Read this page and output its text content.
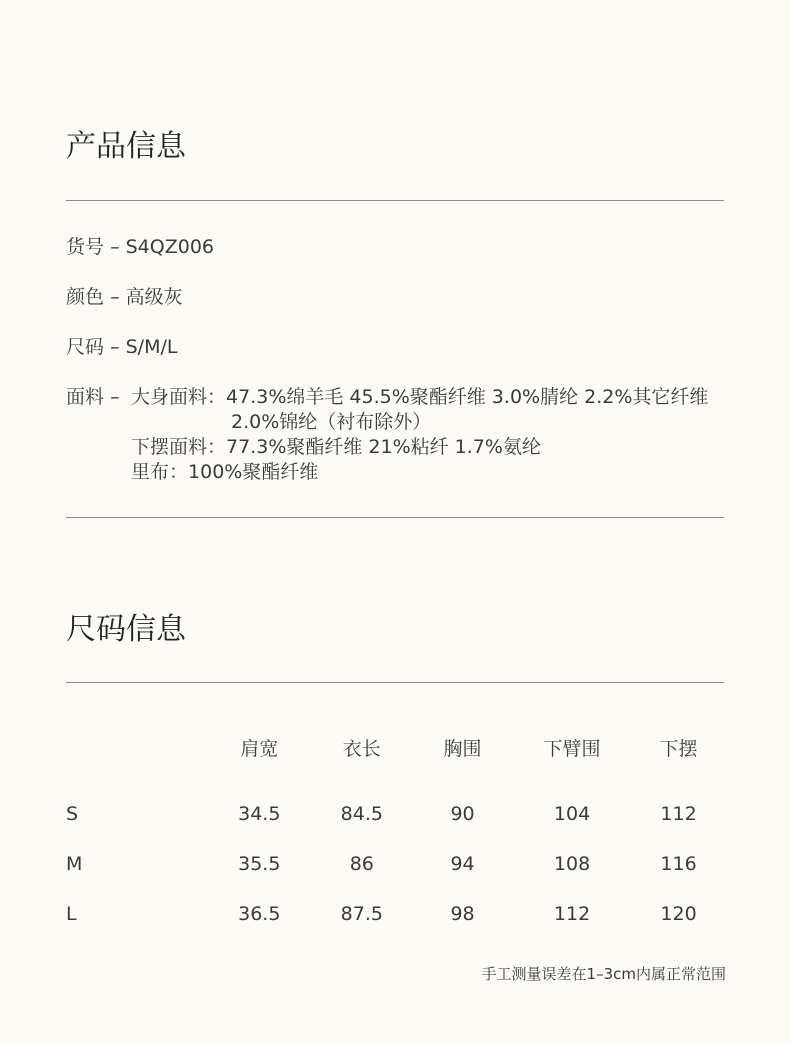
产品信息
货号 – S4QZ006
颜色 – 高级灰
尺码 – S/M/L
面料 – 大身面料：47.3%绵羊毛 45.5%聚酯纤维 3.0%腈纶 2.2%其它纤维
2.0%锦纶（衬布除外）
下摆面料：77.3%聚酯纤维 21%粘纤 1.7%氨纶
里布：100%聚酯纤维
尺码信息
	肩宽	衣长	胸围	下臂围	下摆
S	34.5	84.5	90	104	112
M	35.5	86	94	108	116
L	36.5	87.5	98	112	120
手工测量误差在1–3cm内属正常范围
